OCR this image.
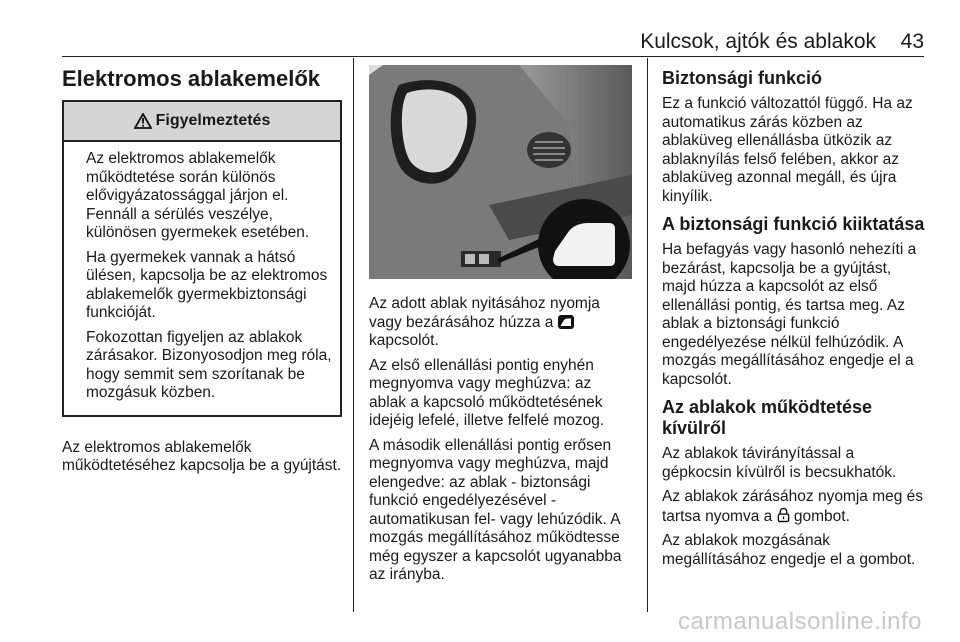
Kulcsok, ajtók és ablakok 43
Elektromos ablakemelők
Figyelmeztetés

Az elektromos ablakemelők működtetése során különös elővigyázatossággal járjon el. Fennáll a sérülés veszélye, különösen gyermekek esetében.

Ha gyermekek vannak a hátsó ülésen, kapcsolja be az elektromos ablakemelők gyermekbiztonsági funkcióját.

Fokozottan figyeljen az ablakok zárásakor. Bizonyosodjon meg róla, hogy semmit sem szorítanak be mozgásuk közben.

Az elektromos ablakemelők működtetéséhez kapcsolja be a gyújtást.

Az adott ablak nyitásához nyomja vagy bezárásához húzza a  kapcsolót.

Az első ellenállási pontig enyhén megnyomva vagy meghúzva: az ablak a kapcsoló működtetésének idejéig lefelé, illetve felfelé mozog.

A második ellenállási pontig erősen megnyomva vagy meghúzva, majd elengedve: az ablak - biztonsági funkció engedélyezésével - automatikusan fel- vagy lehúzódik. A mozgás megállításához működtesse még egyszer a kapcsolót ugyanabba az irányba.

Biztonsági funkció

Ez a funkció változattól függő. Ha az automatikus zárás közben az ablaküveg ellenállásba ütközik az ablaknyílás felső felében, akkor az ablaküveg azonnal megáll, és újra kinyílik.

A biztonsági funkció kiiktatása

Ha befagyás vagy hasonló nehezíti a bezárást, kapcsolja be a gyújtást, majd húzza a kapcsolót az első ellenállási pontig, és tartsa meg. Az ablak a biztonsági funkció engedélyezése nélkül felhúzódik. A mozgás megállításához engedje el a kapcsolót.

Az ablakok működtetése kívülről

Az ablakok távirányítással a gépkocsin kívülről is becsukhatók.

Az ablakok zárásához nyomja meg és tartsa nyomva a gombot.

Az ablakok mozgásának megállításához engedje el a gombot.

carmanualsonline.info
